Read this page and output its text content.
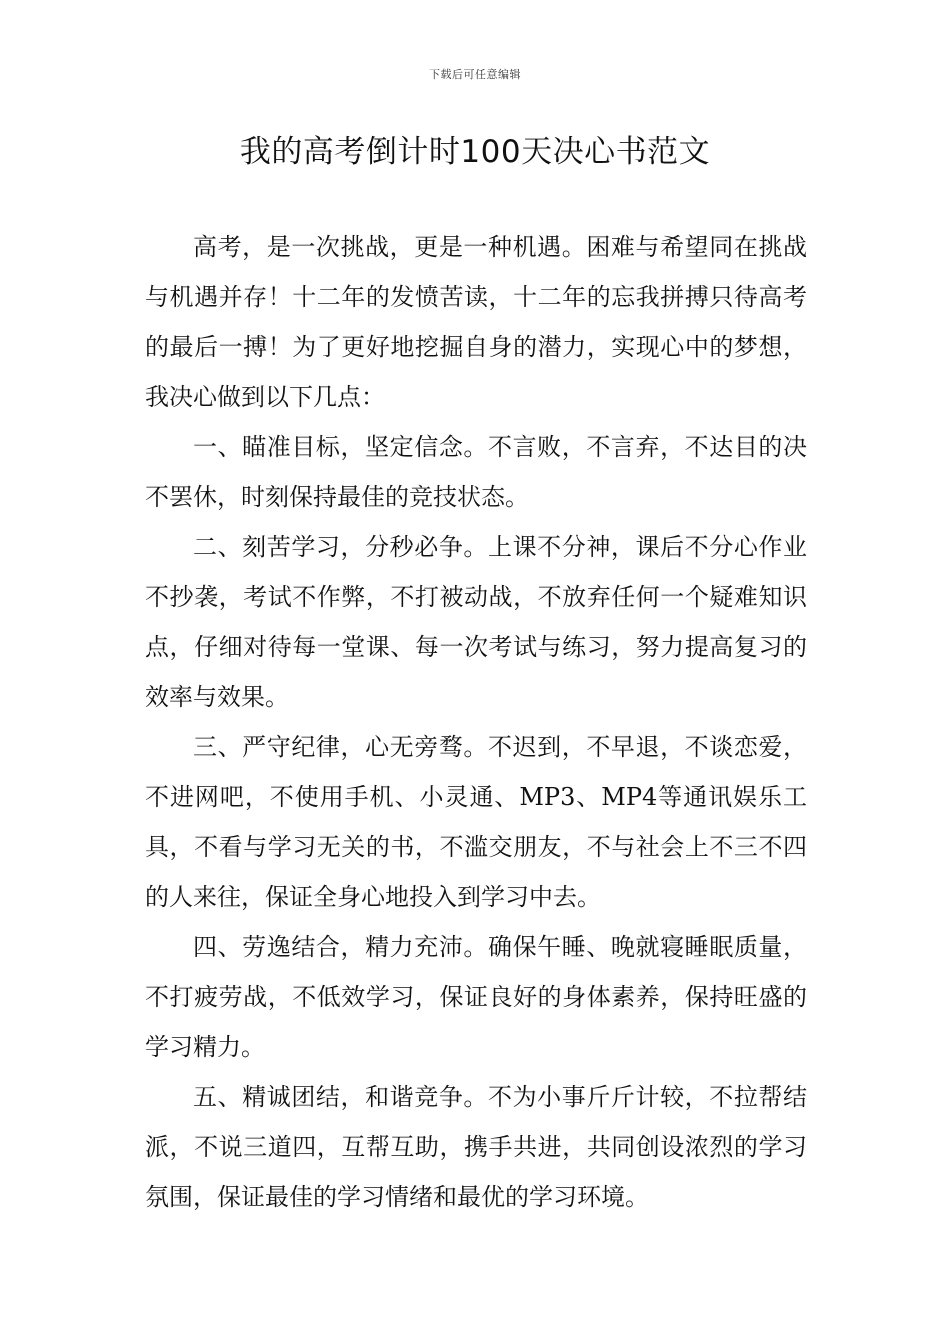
下载后可任意编辑
我的高考倒计时100天决心书范文

高考，是一次挑战，更是一种机遇。困难与希望同在挑战与机遇并存！十二年的发愤苦读，十二年的忘我拼搏只待高考的最后一搏！为了更好地挖掘自身的潜力，实现心中的梦想，我决心做到以下几点：

一、瞄准目标，坚定信念。不言败，不言弃，不达目的决不罢休，时刻保持最佳的竞技状态。

二、刻苦学习，分秒必争。上课不分神，课后不分心作业不抄袭，考试不作弊，不打被动战，不放弃任何一个疑难知识点，仔细对待每一堂课、每一次考试与练习，努力提高复习的效率与效果。

三、严守纪律，心无旁骛。不迟到，不早退，不谈恋爱，不进网吧，不使用手机、小灵通、MP3、MP4等通讯娱乐工具，不看与学习无关的书，不滥交朋友，不与社会上不三不四的人来往，保证全身心地投入到学习中去。

四、劳逸结合，精力充沛。确保午睡、晚就寝睡眠质量，不打疲劳战，不低效学习，保证良好的身体素养，保持旺盛的学习精力。

五、精诚团结，和谐竞争。不为小事斤斤计较，不拉帮结派，不说三道四，互帮互助，携手共进，共同创设浓烈的学习氛围，保证最佳的学习情绪和最优的学习环境。
